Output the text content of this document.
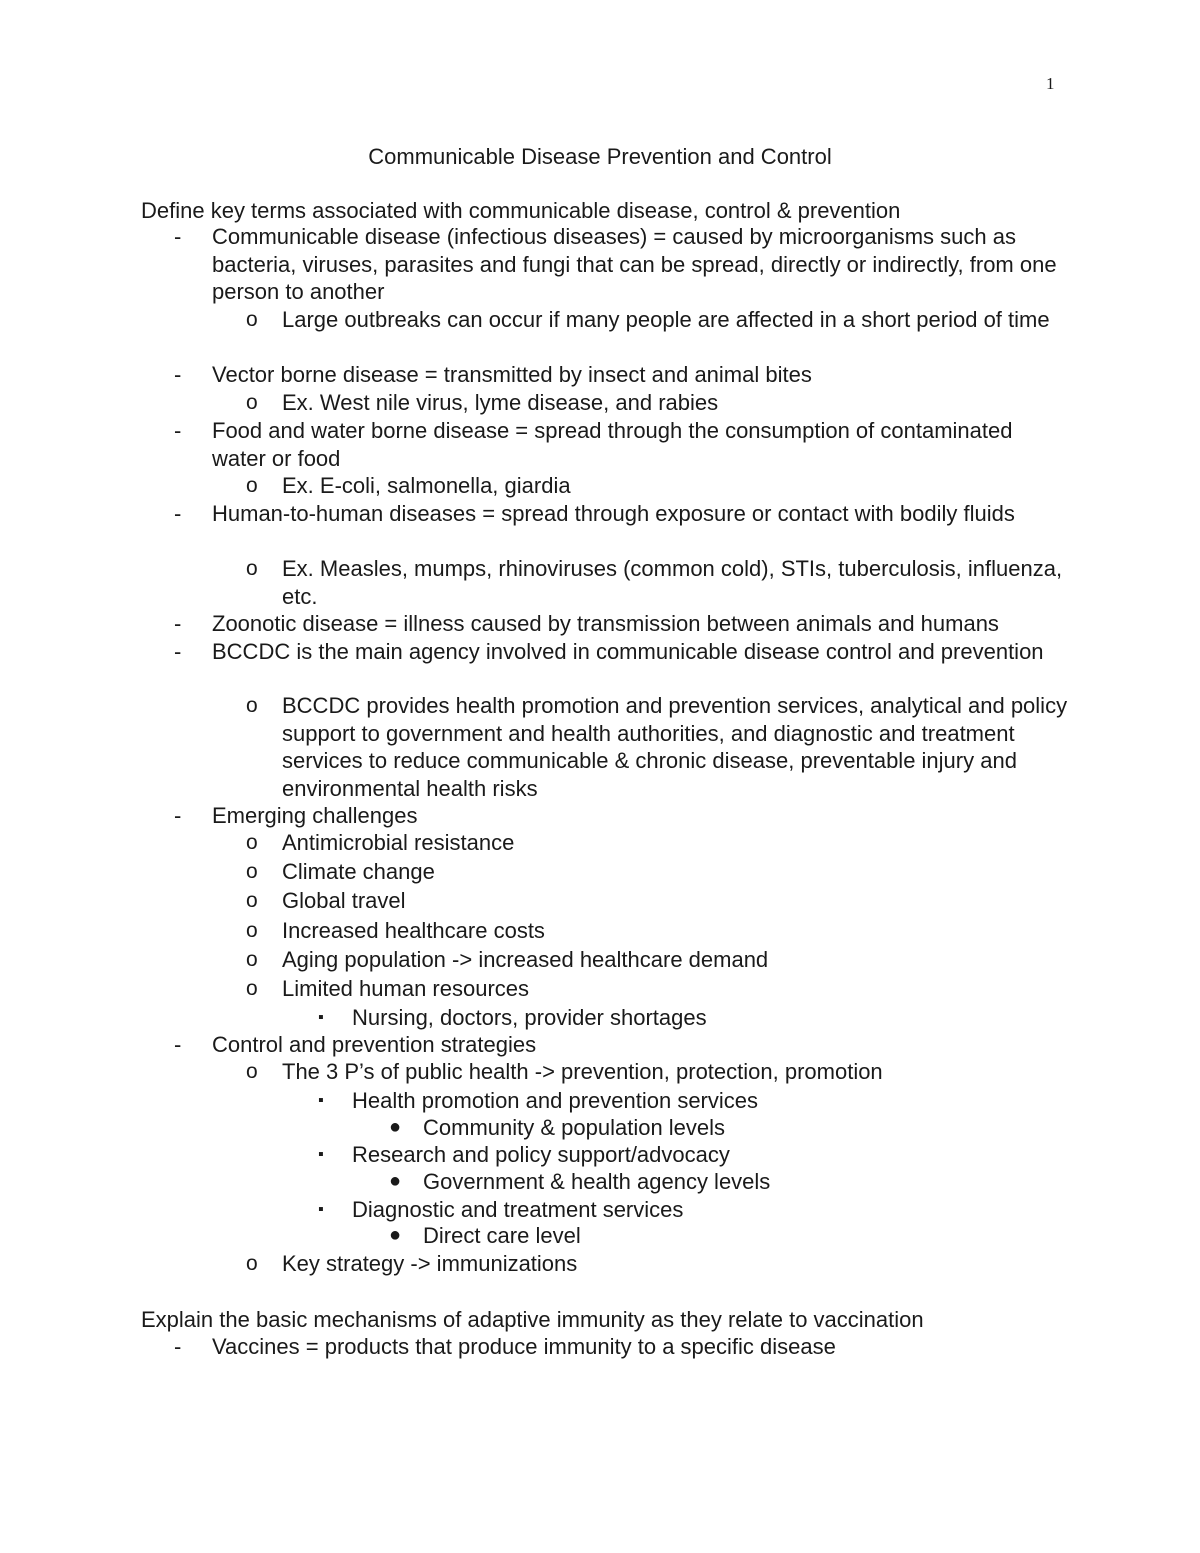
1
Communicable Disease Prevention and Control
Define key terms associated with communicable disease, control & prevention
- Communicable disease (infectious diseases) = caused by microorganisms such as bacteria, viruses, parasites and fungi that can be spread, directly or indirectly, from one person to another
o Large outbreaks can occur if many people are affected in a short period of time
- Vector borne disease = transmitted by insect and animal bites
o Ex. West nile virus, lyme disease, and rabies
- Food and water borne disease = spread through the consumption of contaminated water or food
o Ex. E-coli, salmonella, giardia
- Human-to-human diseases = spread through exposure or contact with bodily fluids
o Ex. Measles, mumps, rhinoviruses (common cold), STIs, tuberculosis, influenza, etc.
- Zoonotic disease = illness caused by transmission between animals and humans
- BCCDC is the main agency involved in communicable disease control and prevention
o BCCDC provides health promotion and prevention services, analytical and policy support to government and health authorities, and diagnostic and treatment services to reduce communicable & chronic disease, preventable injury and environmental health risks
- Emerging challenges
o Antimicrobial resistance
o Climate change
o Global travel
o Increased healthcare costs
o Aging population -> increased healthcare demand
o Limited human resources
▪ Nursing, doctors, provider shortages
- Control and prevention strategies
o The 3 P’s of public health -> prevention, protection, promotion
▪ Health promotion and prevention services
● Community & population levels
▪ Research and policy support/advocacy
● Government & health agency levels
▪ Diagnostic and treatment services
● Direct care level
o Key strategy -> immunizations
Explain the basic mechanisms of adaptive immunity as they relate to vaccination
- Vaccines = products that produce immunity to a specific disease
